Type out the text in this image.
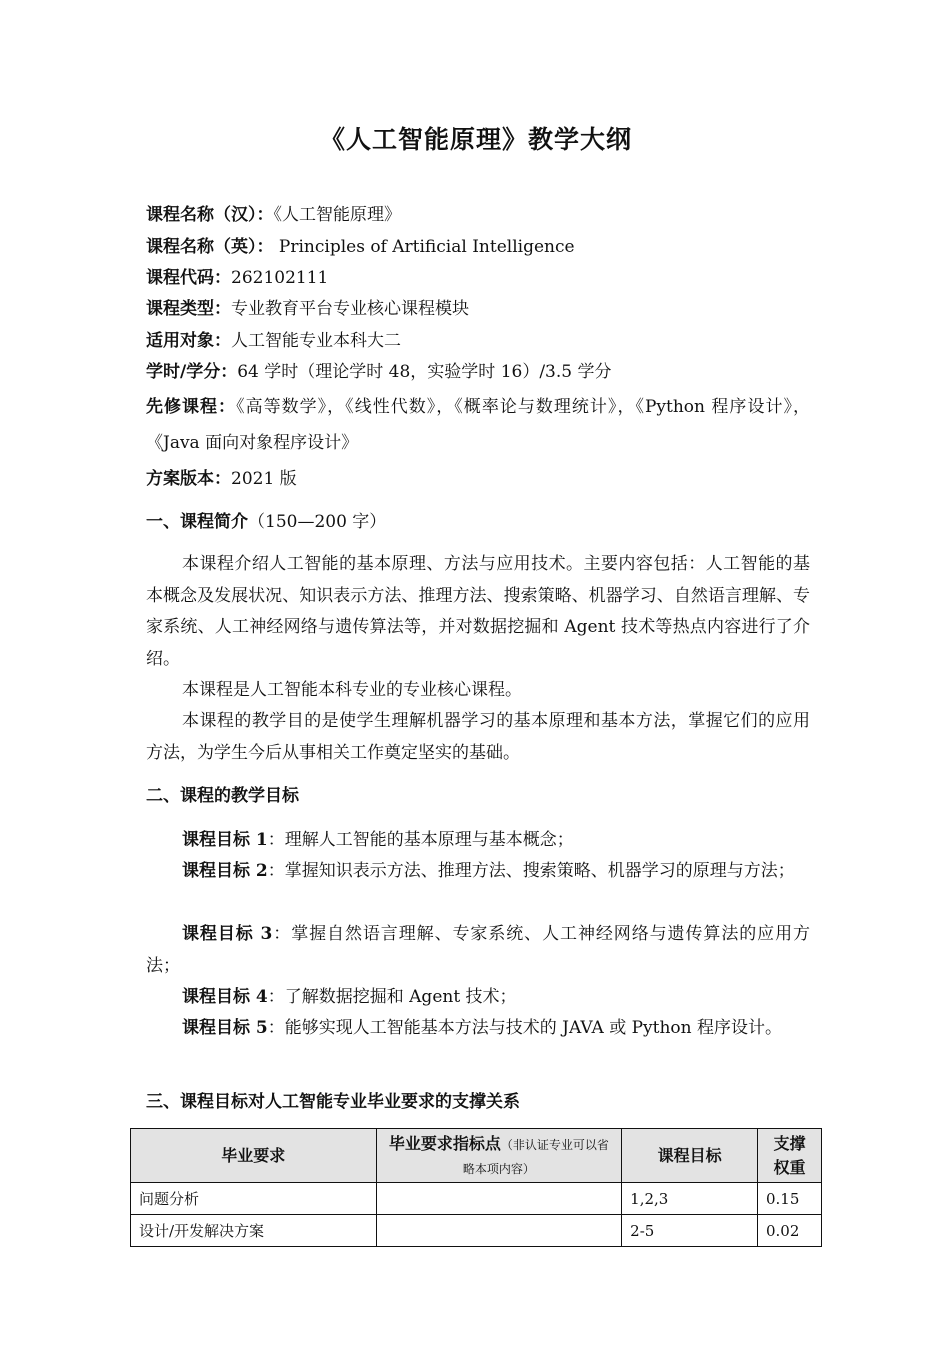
《人工智能原理》教学大纲
课程名称（汉）：《人工智能原理》
课程名称（英）： Principles of Artificial Intelligence
课程代码：262102111
课程类型：专业教育平台专业核心课程模块
适用对象：人工智能专业本科大二
学时/学分：64 学时（理论学时 48，实验学时 16）/3.5 学分
先修课程：《高等数学》，《线性代数》，《概率论与数理统计》，《Python 程序设计》，《Java 面向对象程序设计》
方案版本：2021 版
一、课程简介（150—200 字）
本课程介绍人工智能的基本原理、方法与应用技术。主要内容包括：人工智能的基本概念及发展状况、知识表示方法、推理方法、搜索策略、机器学习、自然语言理解、专家系统、人工神经网络与遗传算法等，并对数据挖掘和 Agent 技术等热点内容进行了介绍。
本课程是人工智能本科专业的专业核心课程。
本课程的教学目的是使学生理解机器学习的基本原理和基本方法，掌握它们的应用方法，为学生今后从事相关工作奠定坚实的基础。
二、课程的教学目标
课程目标 1：理解人工智能的基本原理与基本概念；
课程目标 2：掌握知识表示方法、推理方法、搜索策略、机器学习的原理与方法；
课程目标 3：掌握自然语言理解、专家系统、人工神经网络与遗传算法的应用方法；
课程目标 4：了解数据挖掘和 Agent 技术；
课程目标 5：能够实现人工智能基本方法与技术的 JAVA 或 Python 程序设计。
三、课程目标对人工智能专业毕业要求的支撑关系
毕业要求	毕业要求指标点（非认证专业可以省略本项内容）	课程目标	支撑权重
问题分析		1,2,3	0.15
设计/开发解决方案		2-5	0.02
